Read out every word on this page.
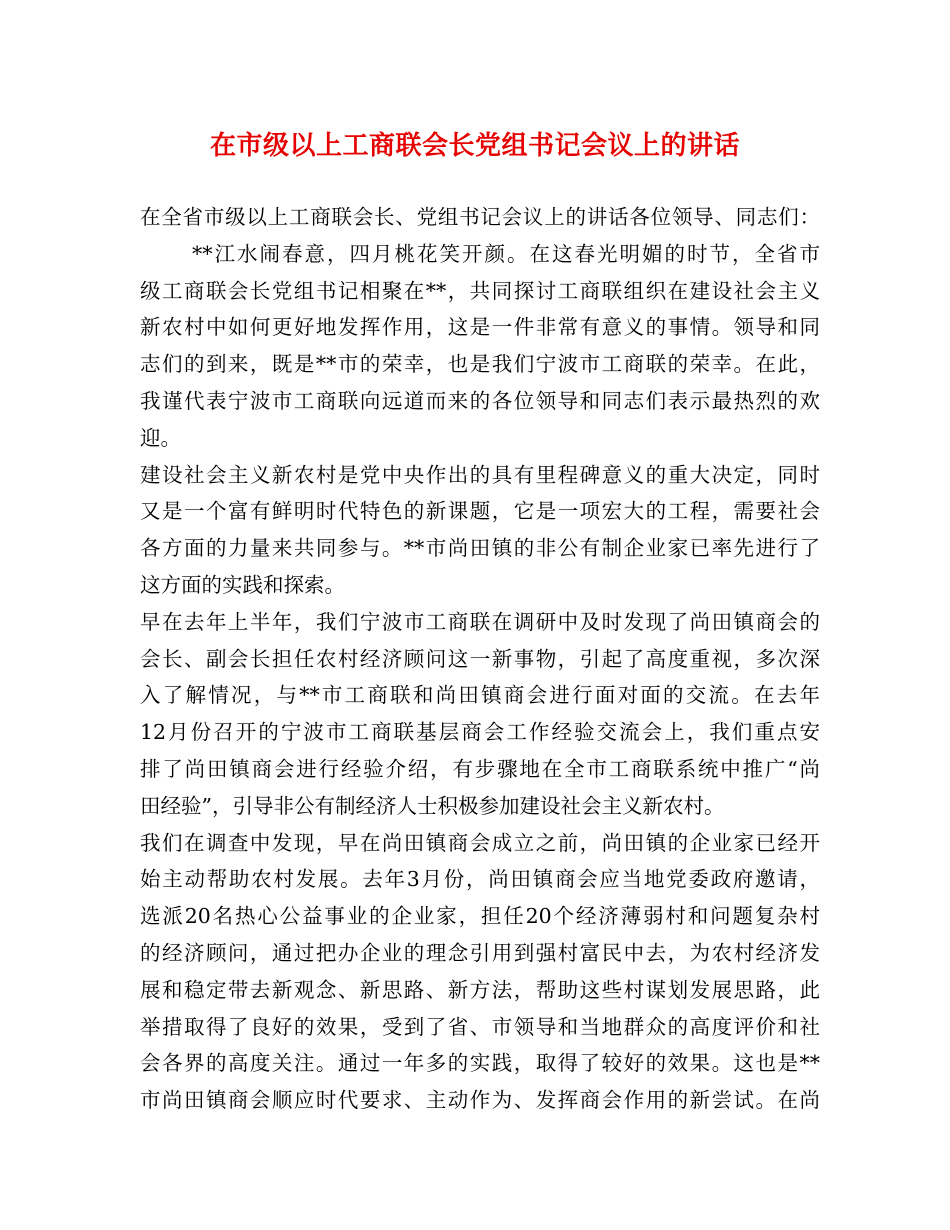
在市级以上工商联会长党组书记会议上的讲话
在全省市级以上工商联会长、党组书记会议上的讲话各位领导、同志们：
**江水闹春意，四月桃花笑开颜。在这春光明媚的时节，全省市
级工商联会长党组书记相聚在**，共同探讨工商联组织在建设社会主义
新农村中如何更好地发挥作用，这是一件非常有意义的事情。领导和同
志们的到来，既是**市的荣幸，也是我们宁波市工商联的荣幸。在此，
我谨代表宁波市工商联向远道而来的各位领导和同志们表示最热烈的欢
迎。
建设社会主义新农村是党中央作出的具有里程碑意义的重大决定，同时
又是一个富有鲜明时代特色的新课题，它是一项宏大的工程，需要社会
各方面的力量来共同参与。**市尚田镇的非公有制企业家已率先进行了
这方面的实践和探索。
早在去年上半年，我们宁波市工商联在调研中及时发现了尚田镇商会的
会长、副会长担任农村经济顾问这一新事物，引起了高度重视，多次深
入了解情况，与**市工商联和尚田镇商会进行面对面的交流。在去年
12月份召开的宁波市工商联基层商会工作经验交流会上，我们重点安
排了尚田镇商会进行经验介绍，有步骤地在全市工商联系统中推广“尚
田经验”，引导非公有制经济人士积极参加建设社会主义新农村。
我们在调查中发现，早在尚田镇商会成立之前，尚田镇的企业家已经开
始主动帮助农村发展。去年3月份，尚田镇商会应当地党委政府邀请，
选派20名热心公益事业的企业家，担任20个经济薄弱村和问题复杂村
的经济顾问，通过把办企业的理念引用到强村富民中去，为农村经济发
展和稳定带去新观念、新思路、新方法，帮助这些村谋划发展思路，此
举措取得了良好的效果，受到了省、市领导和当地群众的高度评价和社
会各界的高度关注。通过一年多的实践，取得了较好的效果。这也是**
市尚田镇商会顺应时代要求、主动作为、发挥商会作用的新尝试。在尚
